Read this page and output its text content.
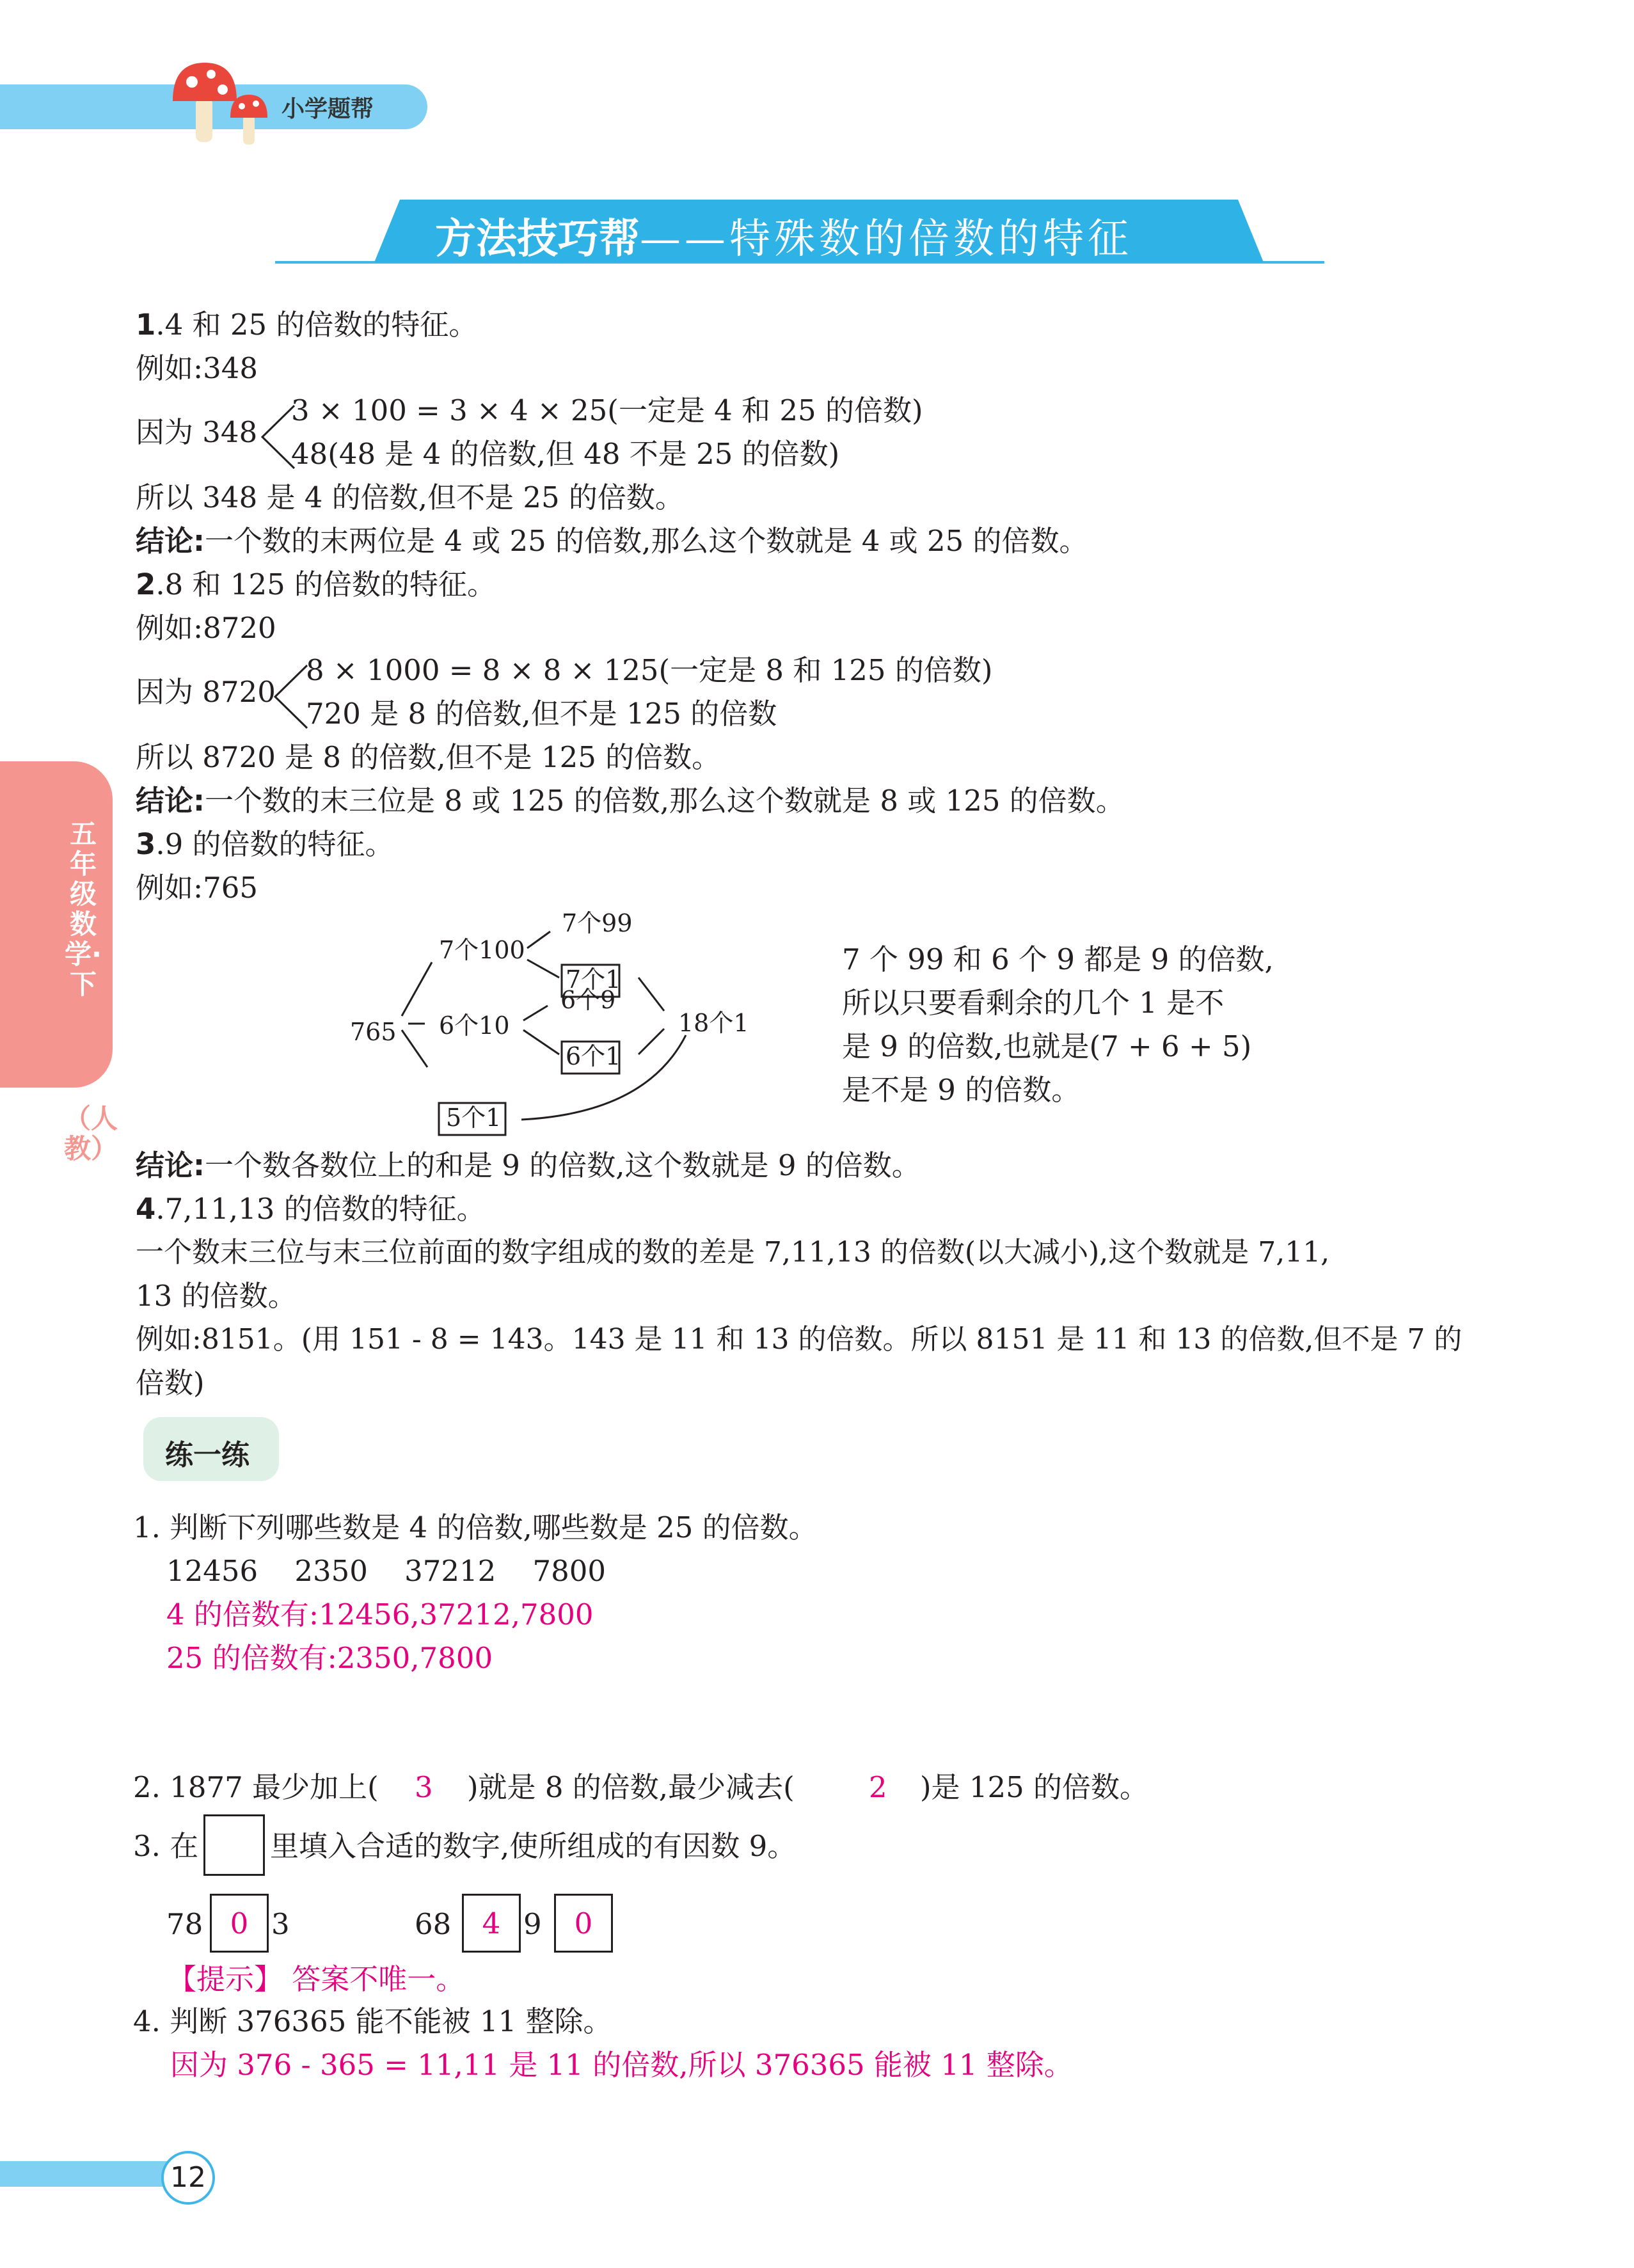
小学题帮
方法技巧帮——特殊数的倍数的特征
五年级数学·下
（人教）
1.4 和 25 的倍数的特征。
例如:348
因为 348
3 × 100 = 3 × 4 × 25(一定是 4 和 25 的倍数)
48(48 是 4 的倍数,但 48 不是 25 的倍数)
所以 348 是 4 的倍数,但不是 25 的倍数。
结论:一个数的末两位是 4 或 25 的倍数,那么这个数就是 4 或 25 的倍数。
2.8 和 125 的倍数的特征。
例如:8720
因为 8720
8 × 1000 = 8 × 8 × 125(一定是 8 和 125 的倍数)
720 是 8 的倍数,但不是 125 的倍数
所以 8720 是 8 的倍数,但不是 125 的倍数。
结论:一个数的末三位是 8 或 125 的倍数,那么这个数就是 8 或 125 的倍数。
3.9 的倍数的特征。
例如:765
765
7个100
7个99
7个1
6个10
6个9
6个1
5个1
18个1
7 个 99 和 6 个 9 都是 9 的倍数,
所以只要看剩余的几个 1 是不
是 9 的倍数,也就是(7 + 6 + 5)
是不是 9 的倍数。
结论:一个数各数位上的和是 9 的倍数,这个数就是 9 的倍数。
4.7,11,13 的倍数的特征。
一个数末三位与末三位前面的数字组成的数的差是 7,11,13 的倍数(以大减小),这个数就是 7,11,
13 的倍数。
例如:8151。(用 151 - 8 = 143。143 是 11 和 13 的倍数。所以 8151 是 11 和 13 的倍数,但不是 7 的
倍数)
练一练
1. 判断下列哪些数是 4 的倍数,哪些数是 25 的倍数。
12456    2350    37212    7800
4 的倍数有:12456,37212,7800
25 的倍数有:2350,7800
2. 1877 最少加上( 3 )就是 8 的倍数,最少减去(	2 )是 125 的倍数。
3. 在 里填入合适的数字,使所组成的有因数 9。
78 0 3	68	4 9	0
【提示】 答案不唯一。
4. 判断 376365 能不能被 11 整除。
因为 376 - 365 = 11,11 是 11 的倍数,所以 376365 能被 11 整除。
12
